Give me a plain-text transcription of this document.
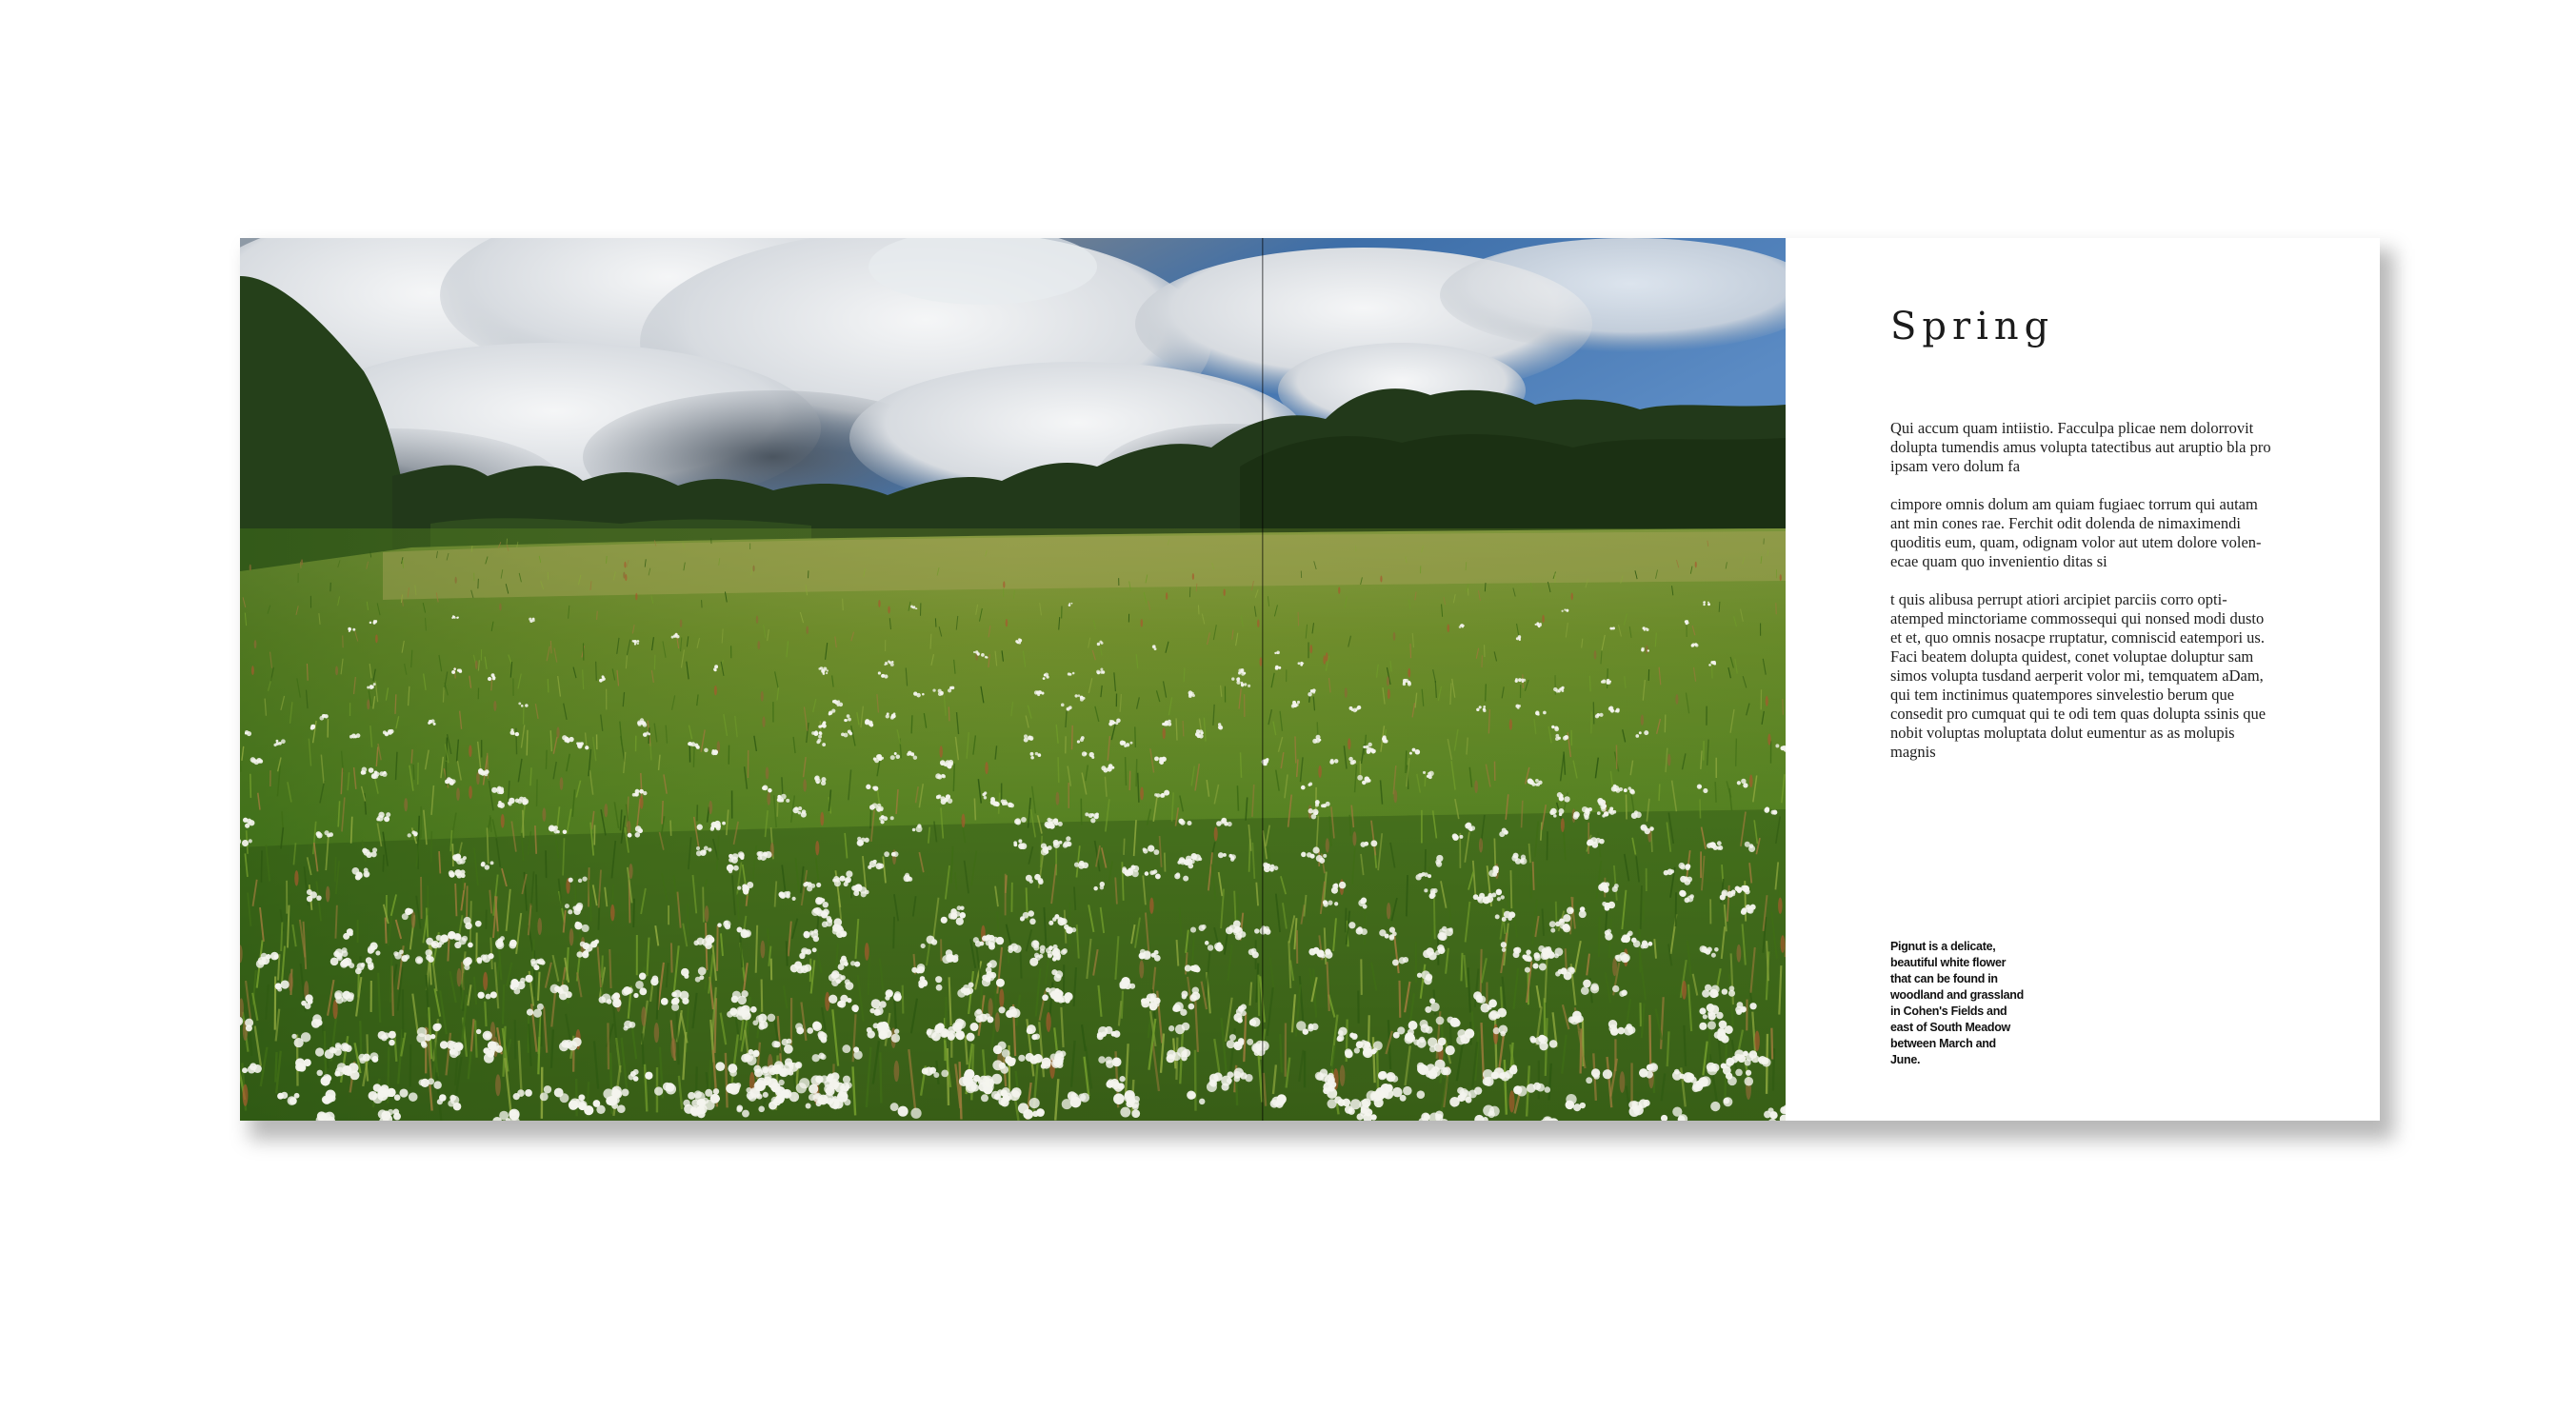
Spring

Qui accum quam intiistio. Facculpa plicae nem dolorrovit dolupta tumendis amus volupta tatectibus aut aruptio bla pro ipsam vero dolum fa

cimpore omnis dolum am quiam fugiaec torrum qui autam ant min cones rae. Ferchit odit dolenda de nimaximendi quoditis eum, quam, odignam volor aut utem dolore volen- ecae quam quo invenientio ditas si

t quis alibusa perrupt atiori arcipiet parciis corro opti- atemped minctoriame commossequi qui nonsed modi dusto et et, quo omnis nosacpe rruptatur, comniscid eatempori us.

Faci beatem dolupta quidest, conet voluptae doluptur sam simos volupta tusdand aerperit volor mi, temquatem aDam, qui tem inctinimus quatempores sinvelestio berum que consedit pro cumquat qui te odi tem quas dolupta ssinis que nobit voluptas moluptata dolut eumentur as as molupis magnis

Pignut is a delicate, beautiful white flower that can be found in woodland and grassland in Cohen's Fields and east of South Meadow between March and June.
